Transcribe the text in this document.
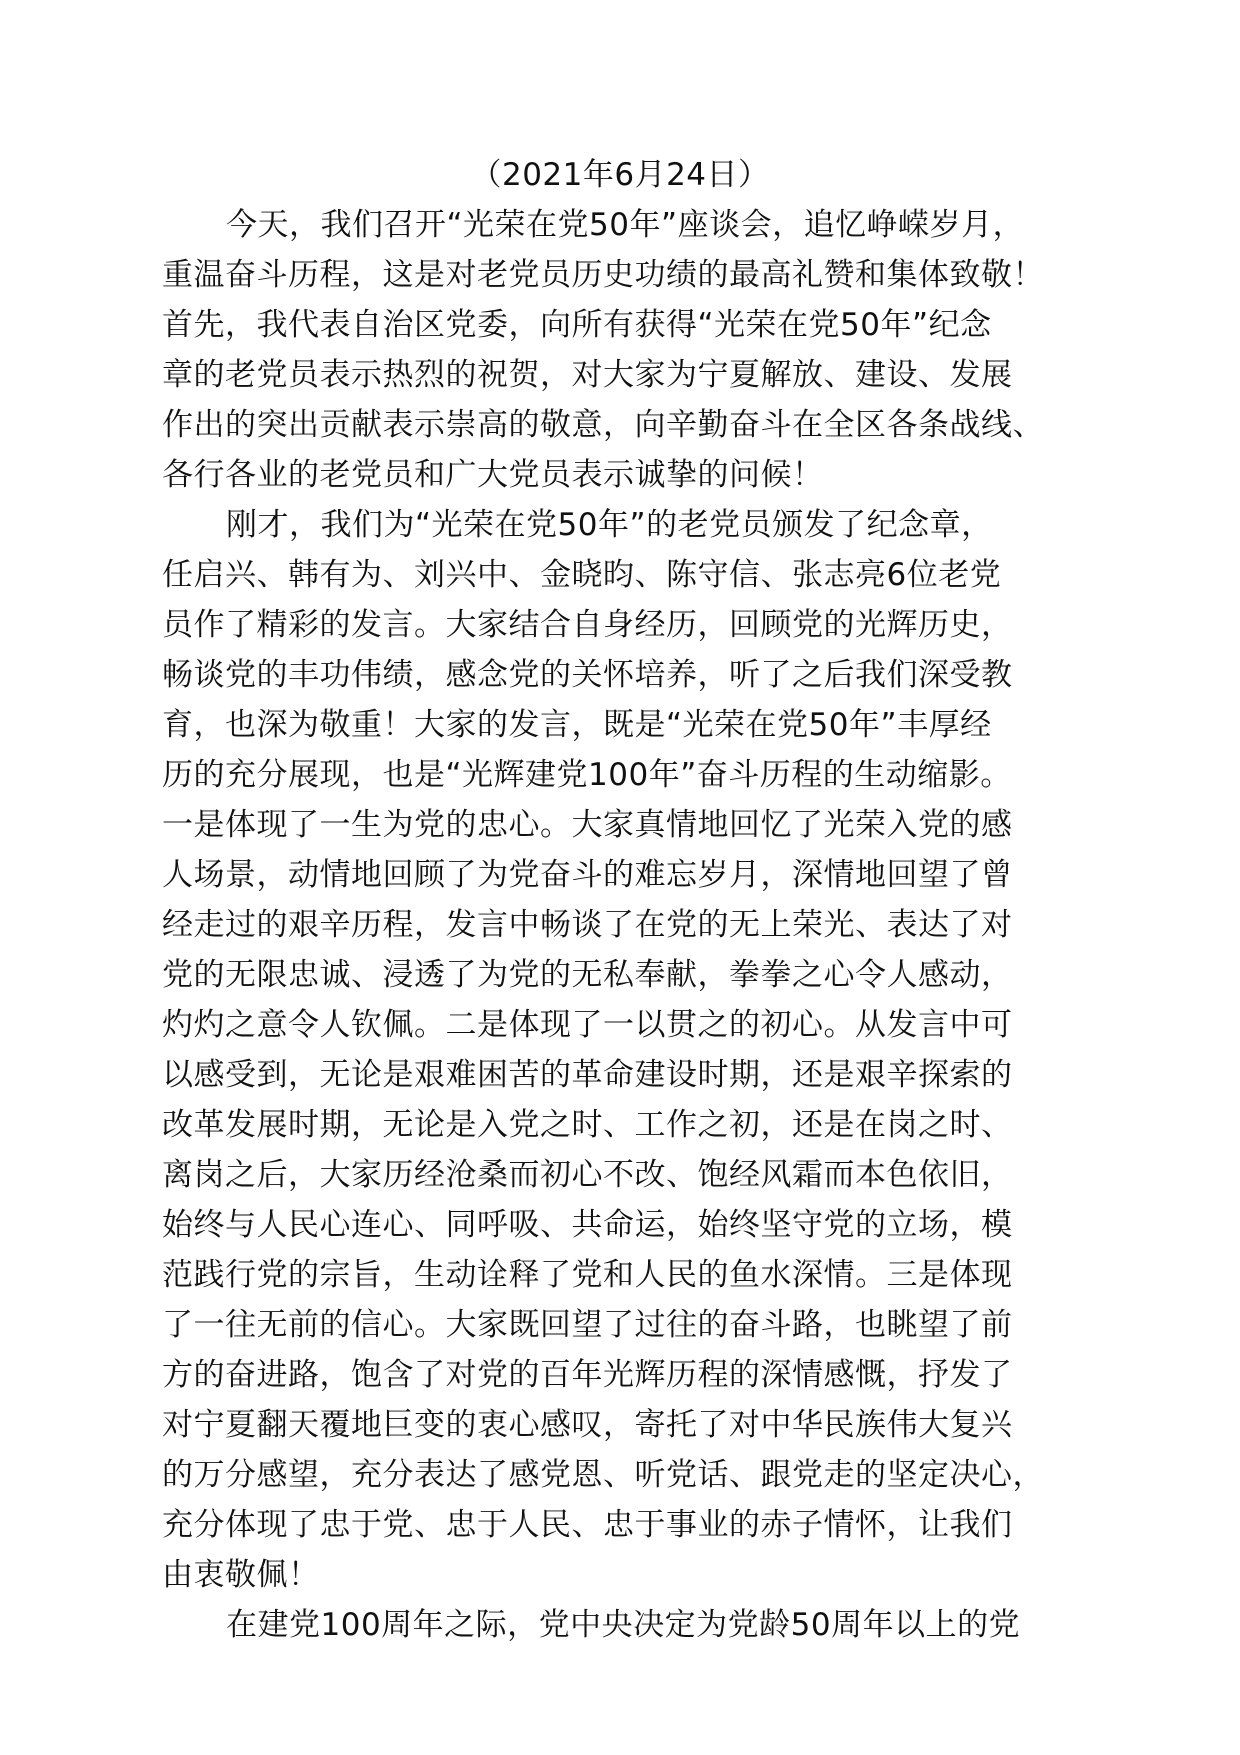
（2021年6月24日）
今天，我们召开“光荣在党50年”座谈会，追忆峥嵘岁月，
重温奋斗历程，这是对老党员历史功绩的最高礼赞和集体致敬！
首先，我代表自治区党委，向所有获得“光荣在党50年”纪念
章的老党员表示热烈的祝贺，对大家为宁夏解放、建设、发展
作出的突出贡献表示崇高的敬意，向辛勤奋斗在全区各条战线、
各行各业的老党员和广大党员表示诚挚的问候！
刚才，我们为“光荣在党50年”的老党员颁发了纪念章，
任启兴、韩有为、刘兴中、金晓昀、陈守信、张志亮6位老党
员作了精彩的发言。大家结合自身经历，回顾党的光辉历史，
畅谈党的丰功伟绩，感念党的关怀培养，听了之后我们深受教
育，也深为敬重！大家的发言，既是“光荣在党50年”丰厚经
历的充分展现，也是“光辉建党100年”奋斗历程的生动缩影。
一是体现了一生为党的忠心。大家真情地回忆了光荣入党的感
人场景，动情地回顾了为党奋斗的难忘岁月，深情地回望了曾
经走过的艰辛历程，发言中畅谈了在党的无上荣光、表达了对
党的无限忠诚、浸透了为党的无私奉献，拳拳之心令人感动，
灼灼之意令人钦佩。二是体现了一以贯之的初心。从发言中可
以感受到，无论是艰难困苦的革命建设时期，还是艰辛探索的
改革发展时期，无论是入党之时、工作之初，还是在岗之时、
离岗之后，大家历经沧桑而初心不改、饱经风霜而本色依旧，
始终与人民心连心、同呼吸、共命运，始终坚守党的立场，模
范践行党的宗旨，生动诠释了党和人民的鱼水深情。三是体现
了一往无前的信心。大家既回望了过往的奋斗路，也眺望了前
方的奋进路，饱含了对党的百年光辉历程的深情感慨，抒发了
对宁夏翻天覆地巨变的衷心感叹，寄托了对中华民族伟大复兴
的万分感望，充分表达了感党恩、听党话、跟党走的坚定决心，
充分体现了忠于党、忠于人民、忠于事业的赤子情怀，让我们
由衷敬佩！
在建党100周年之际，党中央决定为党龄50周年以上的党
